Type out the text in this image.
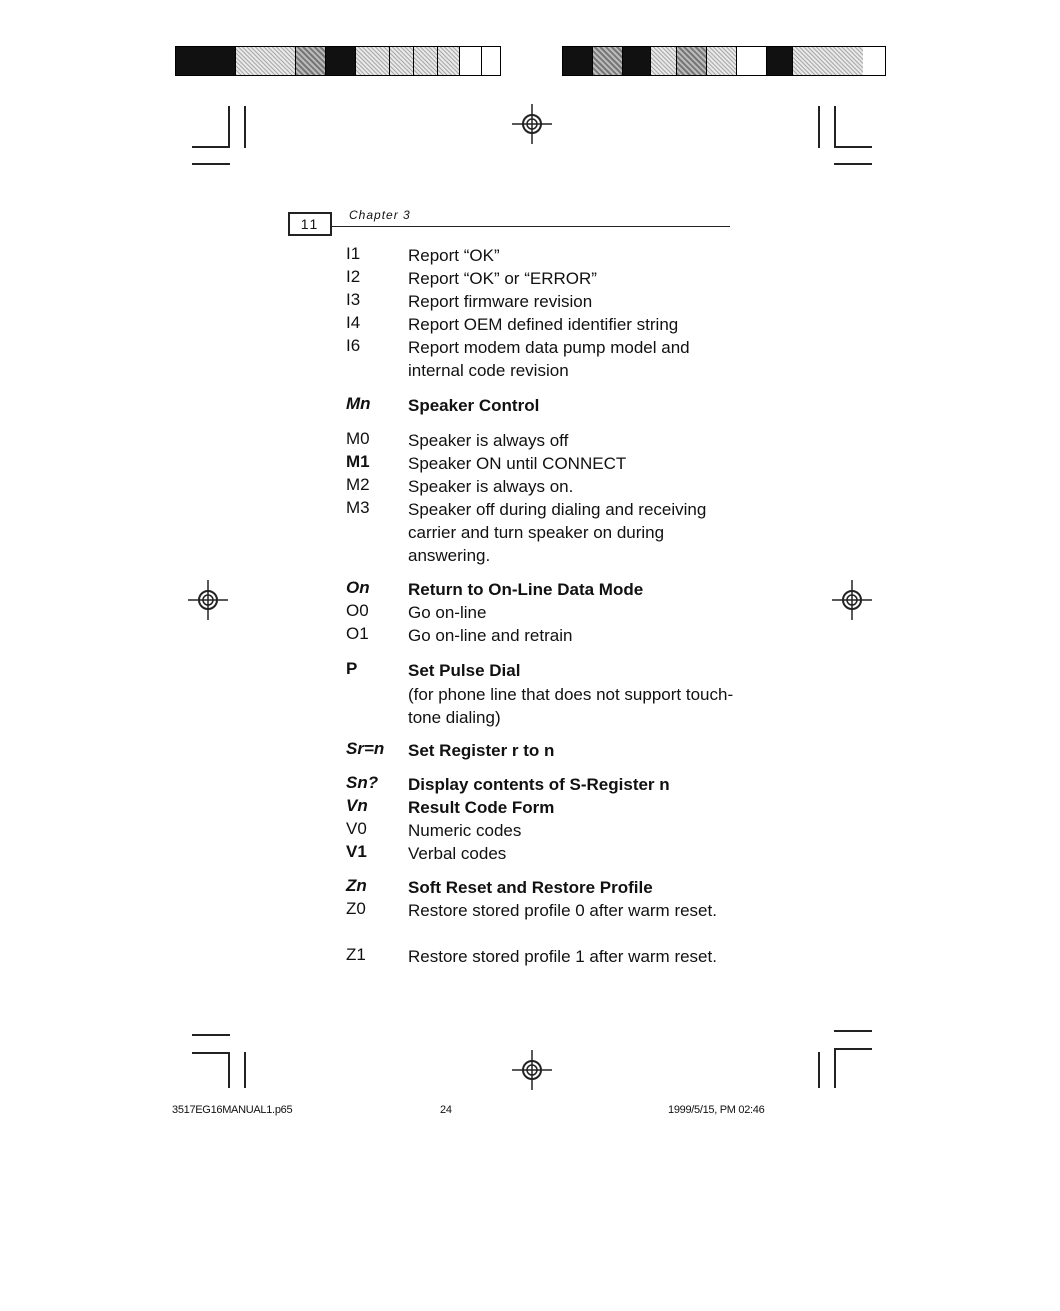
11
Chapter 3
I1	Report “OK”
I2	Report “OK” or “ERROR”
I3	Report firmware revision
I4	Report OEM defined identifier string
I6	Report modem data pump model and internal code revision
Mn	Speaker Control
M0	Speaker is always off
M1	Speaker ON until CONNECT
M2	Speaker is always on.
M3	Speaker off during dialing and receiving carrier and turn speaker on during answering.
On	Return to On-Line Data Mode
O0	Go on-line
O1	Go on-line and retrain
P	Set Pulse Dial
(for phone line that does not support touch-tone dialing)
Sr=n	Set Register r to n
Sn?	Display contents of S-Register n
Vn	Result Code Form
V0	Numeric codes
V1	Verbal codes
Zn	Soft Reset and Restore Profile
Z0	Restore stored profile 0 after warm reset.
Z1	Restore stored profile 1 after warm reset.
3517EG16MANUAL1.p65	24	1999/5/15, PM 02:46
